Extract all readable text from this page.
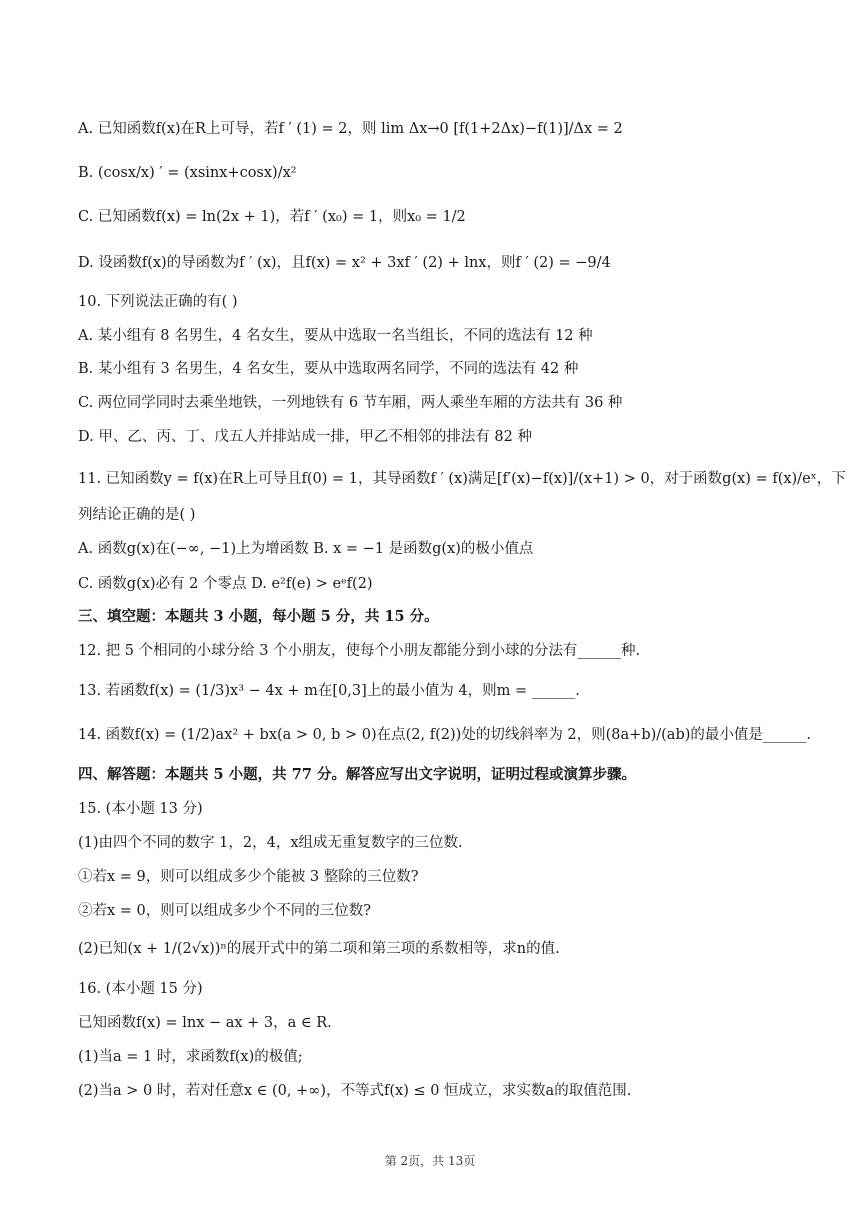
A. 已知函数f(x)在R上可导，若f ′ (1) = 2，则 lim Δx→0 [f(1+2Δx)−f(1)]/Δx = 2
B. (cosx/x) ′ = (xsinx+cosx)/x²
C. 已知函数f(x) = ln(2x + 1)，若f ′ (x₀) = 1，则x₀ = 1/2
D. 设函数f(x)的导函数为f ′ (x)，且f(x) = x² + 3xf ′ (2) + lnx，则f ′ (2) = −9/4
10. 下列说法正确的有( )
A. 某小组有 8 名男生，4 名女生，要从中选取一名当组长，不同的选法有 12 种
B. 某小组有 3 名男生，4 名女生，要从中选取两名同学，不同的选法有 42 种
C. 两位同学同时去乘坐地铁，一列地铁有 6 节车厢，两人乘坐车厢的方法共有 36 种
D. 甲、乙、丙、丁、戊五人并排站成一排，甲乙不相邻的排法有 82 种
11. 已知函数y = f(x)在R上可导且f(0) = 1，其导函数f ′ (x)满足[f′(x)−f(x)]/(x+1) > 0，对于函数g(x) = f(x)/eˣ，下
列结论正确的是( )
A. 函数g(x)在(−∞, −1)上为增函数 B. x = −1 是函数g(x)的极小值点
C. 函数g(x)必有 2 个零点 D. e²f(e) > eᵉf(2)
三、填空题：本题共 3 小题，每小题 5 分，共 15 分。
12. 把 5 个相同的小球分给 3 个小朋友，使每个小朋友都能分到小球的分法有______种.
13. 若函数f(x) = (1/3)x³ − 4x + m在[0,3]上的最小值为 4，则m = ______.
14. 函数f(x) = (1/2)ax² + bx(a > 0, b > 0)在点(2, f(2))处的切线斜率为 2，则(8a+b)/(ab)的最小值是______.
四、解答题：本题共 5 小题，共 77 分。解答应写出文字说明，证明过程或演算步骤。
15. (本小题 13 分)
(1)由四个不同的数字 1，2，4，x组成无重复数字的三位数.
①若x = 9，则可以组成多少个能被 3 整除的三位数?
②若x = 0，则可以组成多少个不同的三位数?
(2)已知(x + 1/(2√x))ⁿ的展开式中的第二项和第三项的系数相等，求n的值.
16. (本小题 15 分)
已知函数f(x) = lnx − ax + 3，a ∈ R.
(1)当a = 1 时，求函数f(x)的极值;
(2)当a > 0 时，若对任意x ∈ (0, +∞)，不等式f(x) ≤ 0 恒成立，求实数a的取值范围.
第 2页，共 13页
